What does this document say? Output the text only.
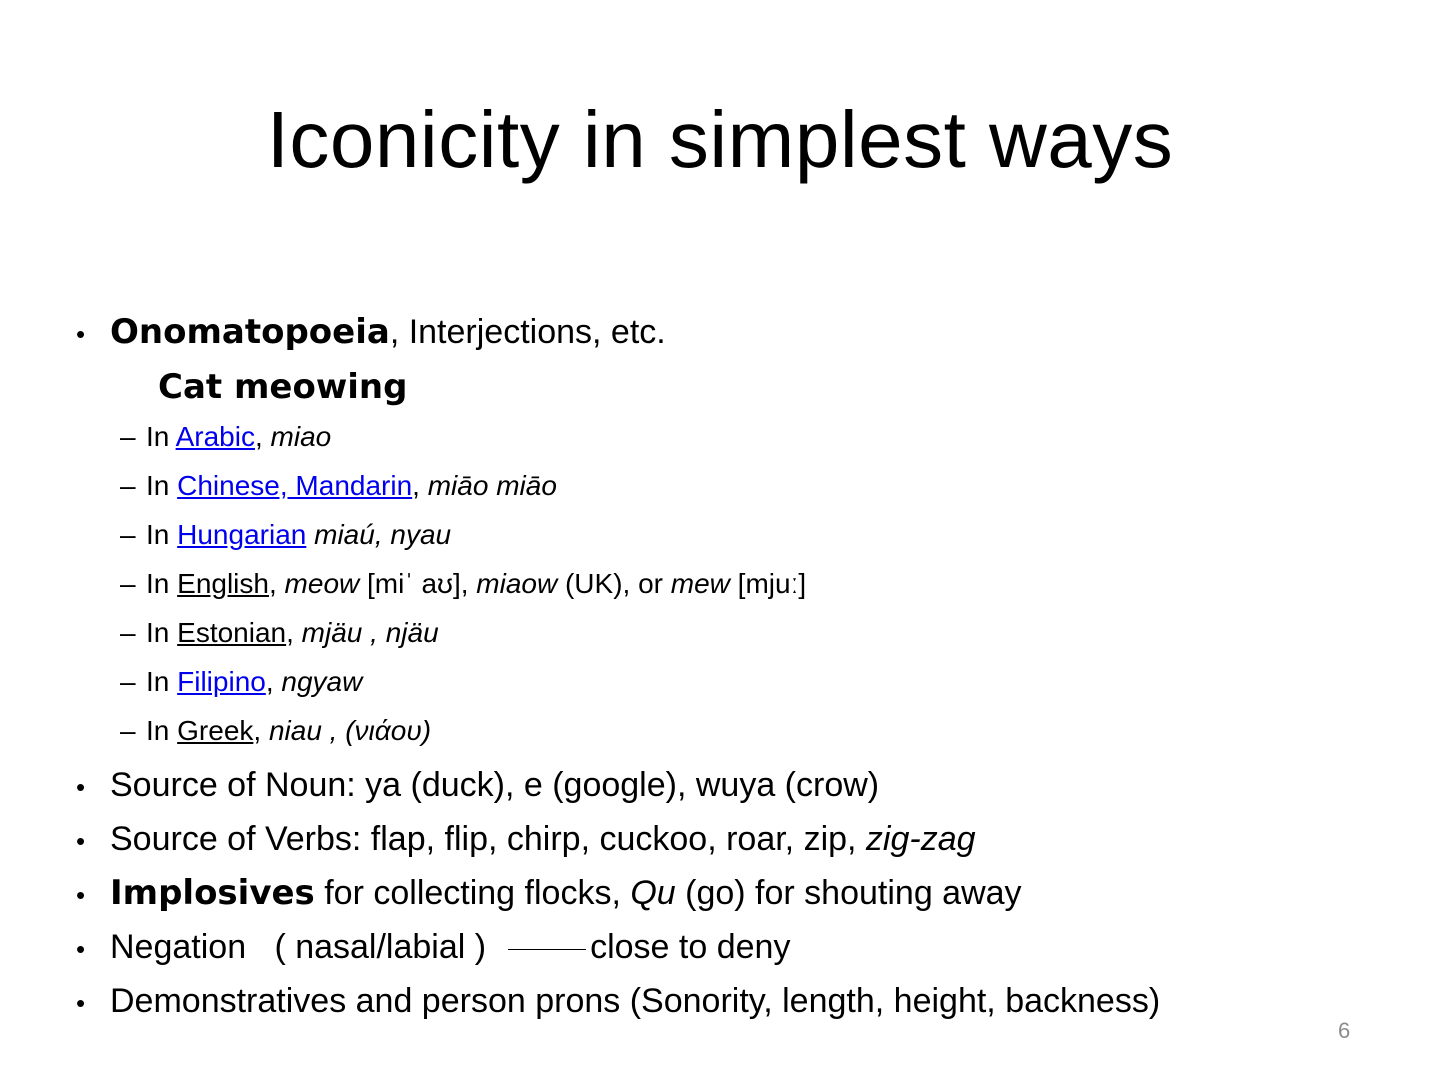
Iconicity in simplest ways
• Onomatopoeia, Interjections, etc.
Cat meowing
– In Arabic, miao
– In Chinese, Mandarin, miāo miāo
– In Hungarian miaú, nyau
– In English, meow [miˈ aʊ], miaow (UK), or mew [mjuː]
– In Estonian, mjäu , njäu
– In Filipino, ngyaw
– In Greek, niau , (νιάου)
• Source of Noun: ya (duck), e (google), wuya (crow)
• Source of Verbs: flap, flip, chirp, cuckoo, roar, zip, zig-zag
• Implosives for collecting flocks, Qu (go) for shouting away
• Negation   ( nasal/labial )	close to deny
• Demonstratives and person prons (Sonority, length, height, backness)
6
